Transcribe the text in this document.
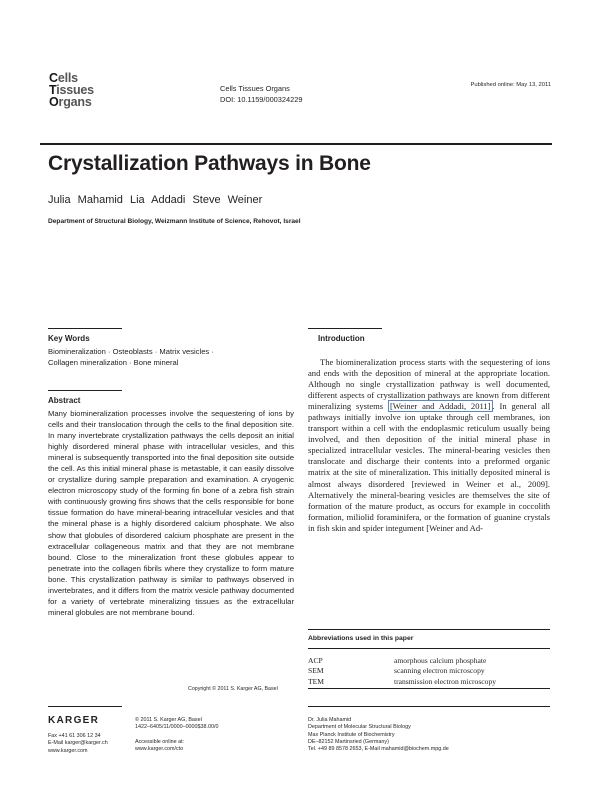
Cells
Tissues
Organs
Cells Tissues Organs
DOI: 10.1159/000324229
Published online: May 13, 2011
Crystallization Pathways in Bone
Julia Mahamid Lia Addadi Steve Weiner
Department of Structural Biology, Weizmann Institute of Science, Rehovot, Israel
Key Words
Biomineralization · Osteoblasts · Matrix vesicles ·
Collagen mineralization · Bone mineral
Abstract
Many biomineralization processes involve the sequestering of ions by cells and their translocation through the cells to the final deposition site. In many invertebrate crystallization pathways the cells deposit an initial highly disordered mineral phase with intracellular vesicles, and this mineral is subsequently transported into the final deposition site outside the cell. As this initial mineral phase is metastable, it can easily dissolve or crystallize during sample preparation and examination. A cryogenic electron microscopy study of the forming fin bone of a zebra fish strain with continuously growing fins shows that the cells responsible for bone tissue formation do have mineral-bearing intracellular vesicles and that the mineral phase is a highly disordered calcium phosphate. We also show that globules of disordered calcium phosphate are present in the extracellular collageneous matrix and that they are not membrane bound. Close to the mineralization front these globules appear to penetrate into the collagen fibrils where they crystallize to form mature bone. This crystallization pathway is similar to pathways observed in invertebrates, and it differs from the matrix vesicle pathway documented for a variety of vertebrate mineralizing tissues as the extracellular mineral globules are not membrane bound.
Copyright © 2011 S. Karger AG, Basel
Introduction
The biomineralization process starts with the sequestering of ions and ends with the deposition of mineral at the appropriate location. Although no single crystallization pathway is well documented, different aspects of crystallization pathways are known from different mineralizing systems [Weiner and Addadi, 2011] . In general all pathways initially involve ion uptake through cell membranes, ion transport within a cell with the endoplasmic reticulum usually being involved, and then deposition of the initial mineral phase in specialized intracellular vesicles. The mineral-bearing vesicles then translocate and discharge their contents into a preformed organic matrix at the site of mineralization. This initially deposited mineral is almost always disordered [reviewed in Weiner et al., 2009]. Alternatively the mineral-bearing vesicles are themselves the site of formation of the mature product, as occurs for example in coccolith formation, miliolid foraminifera, or the formation of guanine crystals in fish skin and spider integument [Weiner and Ad-
Abbreviations used in this paper
ACP	amorphous calcium phosphate
SEM	scanning electron microscopy
TEM	transmission electron microscopy
KARGER
Fax +41 61 306 12 34
E-Mail karger@karger.ch
www.karger.com
© 2011 S. Karger AG, Basel
1422–6405/11/0000–0000$38.00/0
Accessible online at:
www.karger.com/cto
Dr. Julia Mahamid
Department of Molecular Structural Biology
Max Planck Institute of Biochemistry
DE–82152 Martinsried (Germany)
Tel. +49 89 8578 2653, E-Mail mahamid@biochem.mpg.de
